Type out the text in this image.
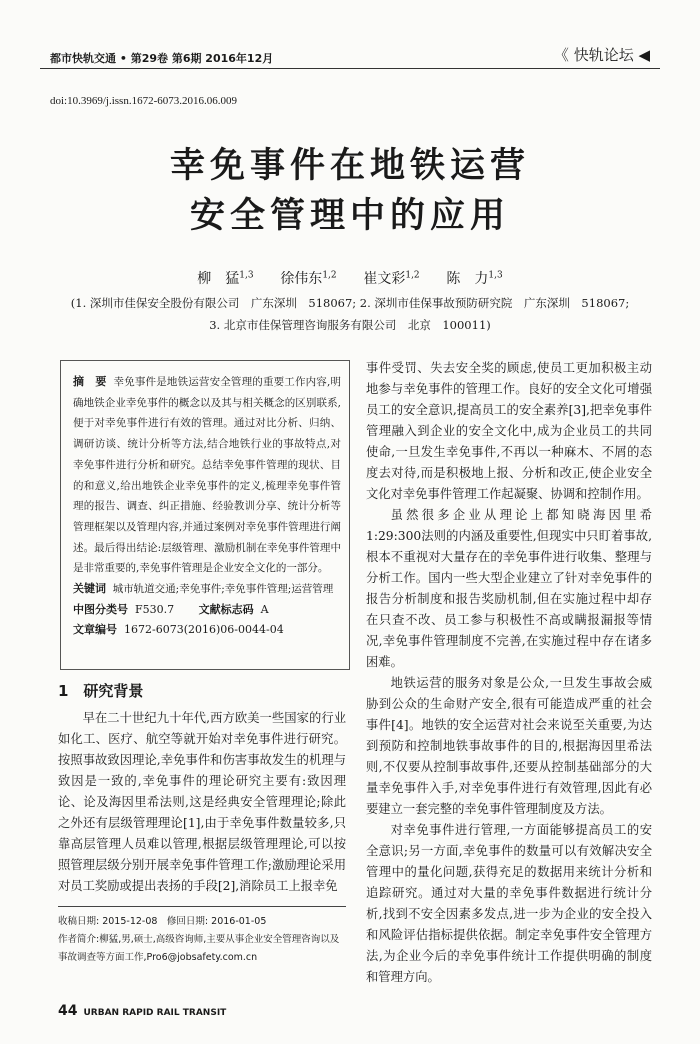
都市快轨交通 • 第29卷 第6期 2016年12月	《 快轨论坛 ◀
doi:10.3969/j.issn.1672-6073.2016.06.009
幸免事件在地铁运营
安全管理中的应用
柳　猛$^{1,3}$ 徐伟东$^{1,2}$ 崔文彩$^{1,2}$ 陈　力$^{1,3}$
(1. 深圳市佳保安全股份有限公司　广东深圳　518067; 2. 深圳市佳保事故预防研究院　广东深圳　518067;
3. 北京市佳保管理咨询服务有限公司　北京　100011)
摘　要 幸免事件是地铁运营安全管理的重要工作内容,明确地铁企业幸免事件的概念以及其与相关概念的区别联系,便于对幸免事件进行有效的管理。通过对比分析、归纳、调研访谈、统计分析等方法,结合地铁行业的事故特点,对幸免事件进行分析和研究。总结幸免事件管理的现状、目的和意义,给出地铁企业幸免事件的定义,梳理幸免事件管理的报告、调查、纠正措施、经验教训分享、统计分析等管理框架以及管理内容,并通过案例对幸免事件管理进行阐述。最后得出结论:层级管理、激励机制在幸免事件管理中是非常重要的,幸免事件管理是企业安全文化的一部分。
关键词 城市轨道交通;幸免事件;幸免事件管理;运营管理
中图分类号 F530.7 文献标志码 A
文章编号 1672-6073(2016)06-0044-04
1　研究背景

早在二十世纪九十年代,西方欧美一些国家的行业如化工、医疗、航空等就开始对幸免事件进行研究。按照事故致因理论,幸免事件和伤害事故发生的机理与致因是一致的,幸免事件的理论研究主要有:致因理论、论及海因里希法则,这是经典安全管理理论;除此之外还有层级管理理论[1],由于幸免事件数量较多,只靠高层管理人员难以管理,根据层级管理理论,可以按照管理层级分别开展幸免事件管理工作;激励理论采用对员工奖励或提出表扬的手段[2],消除员工上报幸免

收稿日期: 2015-12-08　修回日期: 2016-01-05
作者简介:柳猛,男,硕士,高级咨询师,主要从事企业安全管理咨询以及事故调查等方面工作,Pro6@jobsafety.com.cn

事件受罚、失去安全奖的顾虑,使员工更加积极主动地参与幸免事件的管理工作。良好的安全文化可增强员工的安全意识,提高员工的安全素养[3],把幸免事件管理融入到企业的安全文化中,成为企业员工的共同使命,一旦发生幸免事件,不再以一种麻木、不屑的态度去对待,而是积极地上报、分析和改正,使企业安全文化对幸免事件管理工作起凝聚、协调和控制作用。

虽然很多企业从理论上都知晓海因里希1:29:300法则的内涵及重要性,但现实中只盯着事故,根本不重视对大量存在的幸免事件进行收集、整理与分析工作。国内一些大型企业建立了针对幸免事件的报告分析制度和报告奖励机制,但在实施过程中却存在只查不改、员工参与积极性不高或瞒报漏报等情况,幸免事件管理制度不完善,在实施过程中存在诸多困难。

地铁运营的服务对象是公众,一旦发生事故会威胁到公众的生命财产安全,很有可能造成严重的社会事件[4]。地铁的安全运营对社会来说至关重要,为达到预防和控制地铁事故事件的目的,根据海因里希法则,不仅要从控制事故事件,还要从控制基础部分的大量幸免事件入手,对幸免事件进行有效管理,因此有必要建立一套完整的幸免事件管理制度及方法。

对幸免事件进行管理,一方面能够提高员工的安全意识;另一方面,幸免事件的数量可以有效解决安全管理中的量化问题,获得充足的数据用来统计分析和追踪研究。通过对大量的幸免事件数据进行统计分析,找到不安全因素多发点,进一步为企业的安全投入和风险评估指标提供依据。制定幸免事件安全管理方法,为企业今后的幸免事件统计工作提供明确的制度和管理方向。

44 URBAN RAPID RAIL TRANSIT
